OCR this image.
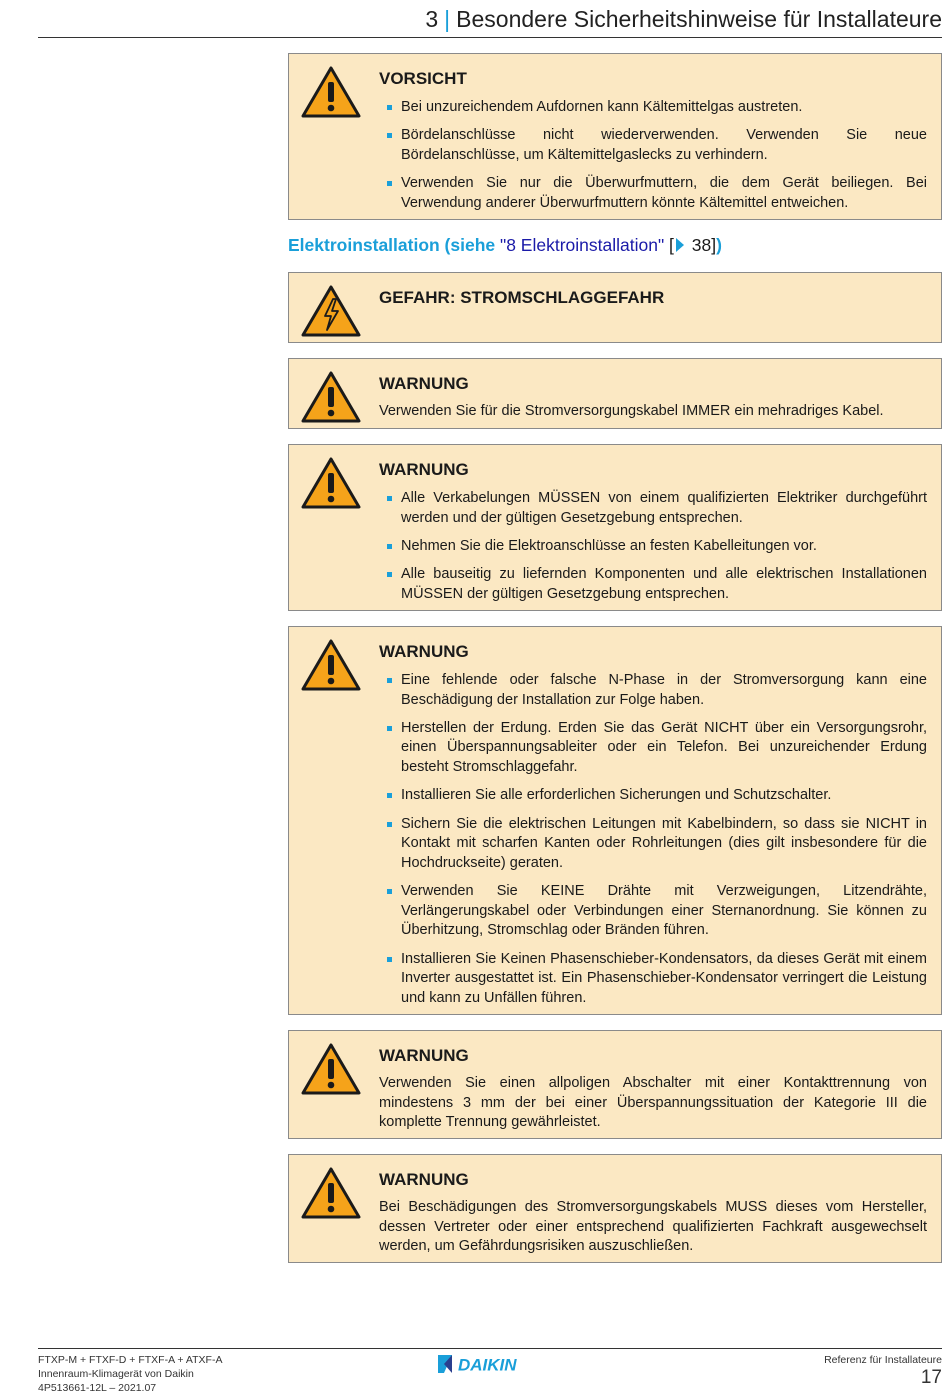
3 | Besondere Sicherheitshinweise für Installateure
VORSICHT
Bei unzureichendem Aufdornen kann Kältemittelgas austreten.
Bördelanschlüsse nicht wiederverwenden. Verwenden Sie neue Bördelanschlüsse, um Kältemittelgaslecks zu verhindern.
Verwenden Sie nur die Überwurfmuttern, die dem Gerät beiliegen. Bei Verwendung anderer Überwurfmuttern könnte Kältemittel entweichen.
Elektroinstallation (siehe "8 Elektroinstallation" [ 38])
GEFAHR: STROMSCHLAGGEFAHR
WARNUNG
Verwenden Sie für die Stromversorgungskabel IMMER ein mehradriges Kabel.
WARNUNG
Alle Verkabelungen MÜSSEN von einem qualifizierten Elektriker durchgeführt werden und der gültigen Gesetzgebung entsprechen.
Nehmen Sie die Elektroanschlüsse an festen Kabelleitungen vor.
Alle bauseitig zu liefernden Komponenten und alle elektrischen Installationen MÜSSEN der gültigen Gesetzgebung entsprechen.
WARNUNG
Eine fehlende oder falsche N-Phase in der Stromversorgung kann eine Beschädigung der Installation zur Folge haben.
Herstellen der Erdung. Erden Sie das Gerät NICHT über ein Versorgungsrohr, einen Überspannungsableiter oder ein Telefon. Bei unzureichender Erdung besteht Stromschlaggefahr.
Installieren Sie alle erforderlichen Sicherungen und Schutzschalter.
Sichern Sie die elektrischen Leitungen mit Kabelbindern, so dass sie NICHT in Kontakt mit scharfen Kanten oder Rohrleitungen (dies gilt insbesondere für die Hochdruckseite) geraten.
Verwenden Sie KEINE Drähte mit Verzweigungen, Litzendrähte, Verlängerungskabel oder Verbindungen einer Sternanordnung. Sie können zu Überhitzung, Stromschlag oder Bränden führen.
Installieren Sie Keinen Phasenschieber-Kondensators, da dieses Gerät mit einem Inverter ausgestattet ist. Ein Phasenschieber-Kondensator verringert die Leistung und kann zu Unfällen führen.
WARNUNG
Verwenden Sie einen allpoligen Abschalter mit einer Kontakttrennung von mindestens 3 mm der bei einer Überspannungssituation der Kategorie III die komplette Trennung gewährleistet.
WARNUNG
Bei Beschädigungen des Stromversorgungskabels MUSS dieses vom Hersteller, dessen Vertreter oder einer entsprechend qualifizierten Fachkraft ausgewechselt werden, um Gefährdungsrisiken auszuschließen.
FTXP-M + FTXF-D + FTXF-A + ATXF-A
Innenraum-Klimagerät von Daikin
4P513661-12L – 2021.07
DAIKIN	Referenz für Installateure
17
